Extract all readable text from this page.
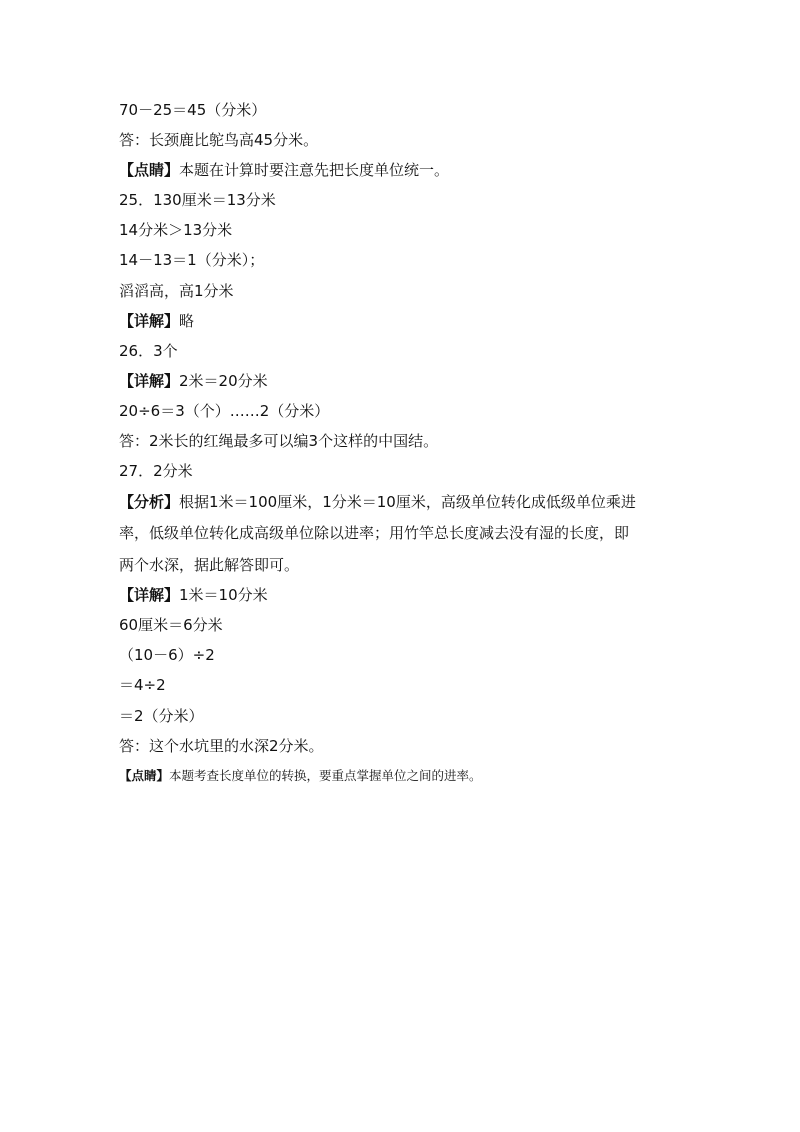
70－25＝45（分米）
答：长颈鹿比鸵鸟高45分米。
【点睛】本题在计算时要注意先把长度单位统一。
25．130厘米＝13分米
14分米＞13分米
14－13＝1（分米）；
滔滔高，高1分米
【详解】略
26．3个
【详解】2米＝20分米
20÷6＝3（个）……2（分米）
答：2米长的红绳最多可以编3个这样的中国结。
27．2分米
【分析】根据1米＝100厘米，1分米＝10厘米，高级单位转化成低级单位乘进
率，低级单位转化成高级单位除以进率；用竹竿总长度减去没有湿的长度，即
两个水深，据此解答即可。
【详解】1米＝10分米
60厘米＝6分米
（10－6）÷2
＝4÷2
＝2（分米）
答：这个水坑里的水深2分米。
【点睛】本题考查长度单位的转换，要重点掌握单位之间的进率。
